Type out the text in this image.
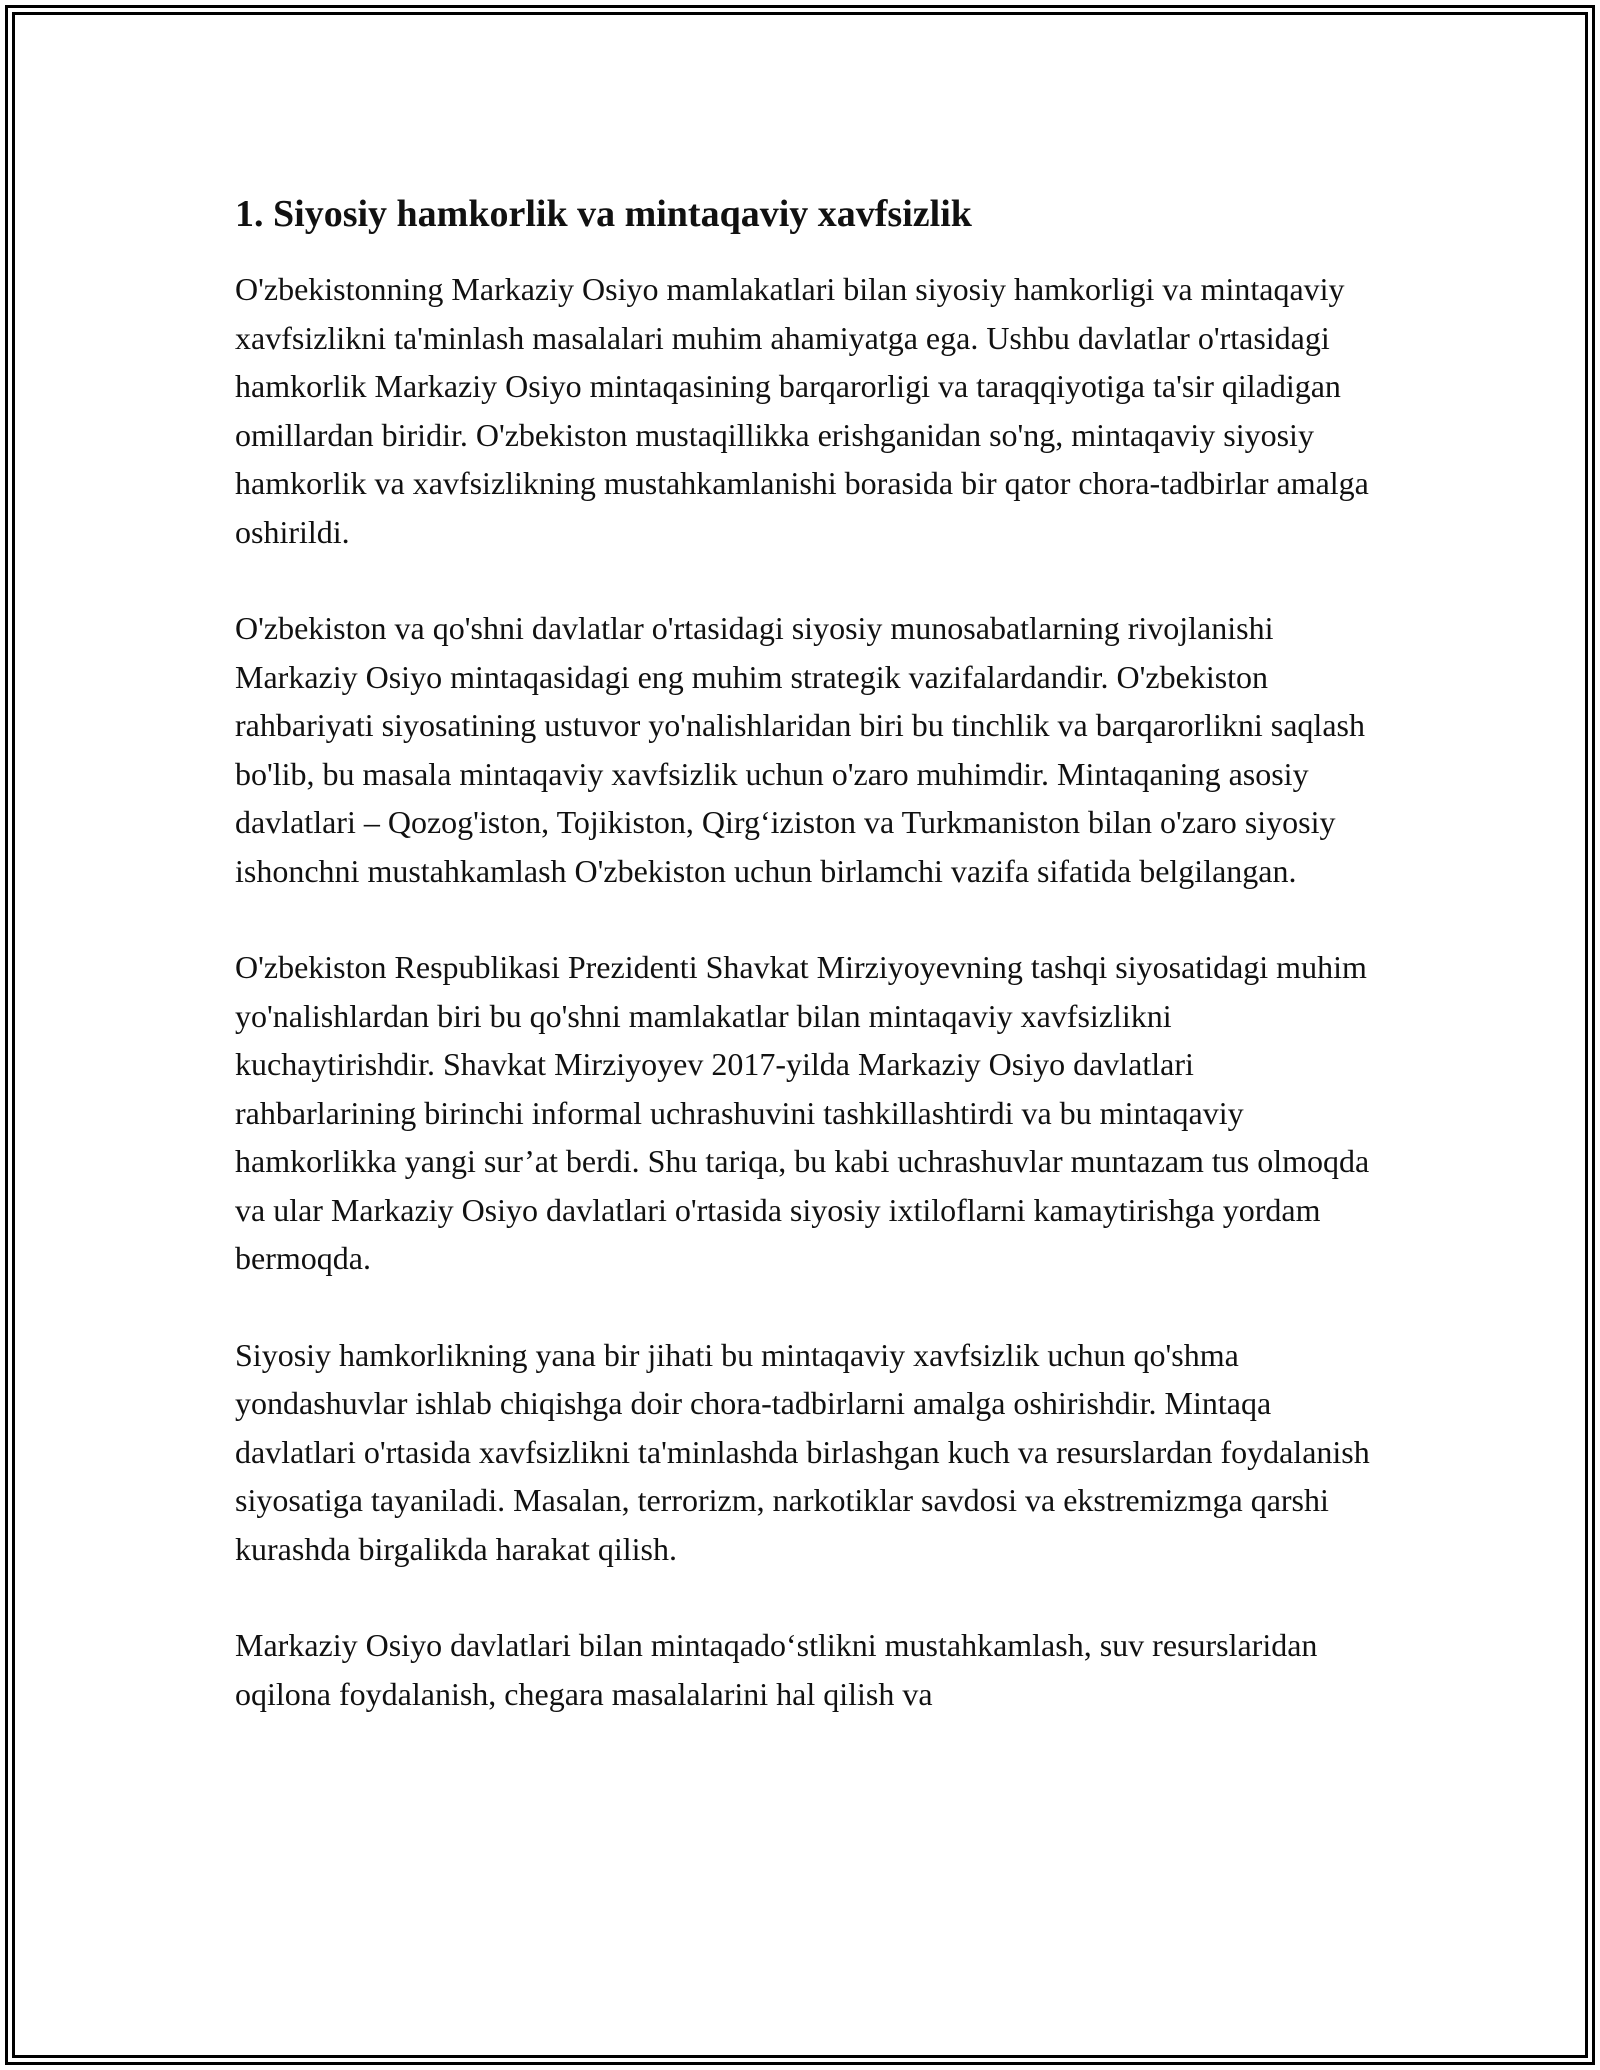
1. Siyosiy hamkorlik va mintaqaviy xavfsizlik

O'zbekistonning Markaziy Osiyo mamlakatlari bilan siyosiy hamkorligi va mintaqaviy xavfsizlikni ta'minlash masalalari muhim ahamiyatga ega. Ushbu davlatlar o'rtasidagi hamkorlik Markaziy Osiyo mintaqasining barqarorligi va taraqqiyotiga ta'sir qiladigan omillardan biridir. O'zbekiston mustaqillikka erishganidan so'ng, mintaqaviy siyosiy hamkorlik va xavfsizlikning mustahkamlanishi borasida bir qator chora-tadbirlar amalga oshirildi.

O'zbekiston va qo'shni davlatlar o'rtasidagi siyosiy munosabatlarning rivojlanishi Markaziy Osiyo mintaqasidagi eng muhim strategik vazifalardandir. O'zbekiston rahbariyati siyosatining ustuvor yo'nalishlaridan biri bu tinchlik va barqarorlikni saqlash bo'lib, bu masala mintaqaviy xavfsizlik uchun o'zaro muhimdir. Mintaqaning asosiy davlatlari – Qozog'iston, Tojikiston, Qirg‘iziston va Turkmaniston bilan o'zaro siyosiy ishonchni mustahkamlash O'zbekiston uchun birlamchi vazifa sifatida belgilangan.

O'zbekiston Respublikasi Prezidenti Shavkat Mirziyoyevning tashqi siyosatidagi muhim yo'nalishlardan biri bu qo'shni mamlakatlar bilan mintaqaviy xavfsizlikni kuchaytirishdir. Shavkat Mirziyoyev 2017-yilda Markaziy Osiyo davlatlari rahbarlarining birinchi informal uchrashuvini tashkillashtirdi va bu mintaqaviy hamkorlikka yangi sur’at berdi. Shu tariqa, bu kabi uchrashuvlar muntazam tus olmoqda va ular Markaziy Osiyo davlatlari o'rtasida siyosiy ixtiloflarni kamaytirishga yordam bermoqda.

Siyosiy hamkorlikning yana bir jihati bu mintaqaviy xavfsizlik uchun qo'shma yondashuvlar ishlab chiqishga doir chora-tadbirlarni amalga oshirishdir. Mintaqa davlatlari o'rtasida xavfsizlikni ta'minlashda birlashgan kuch va resurslardan foydalanish siyosatiga tayaniladi. Masalan, terrorizm, narkotiklar savdosi va ekstremizmga qarshi kurashda birgalikda harakat qilish.

Markaziy Osiyo davlatlari bilan mintaqado‘stlikni mustahkamlash, suv resurslaridan oqilona foydalanish, chegara masalalarini hal qilish va
